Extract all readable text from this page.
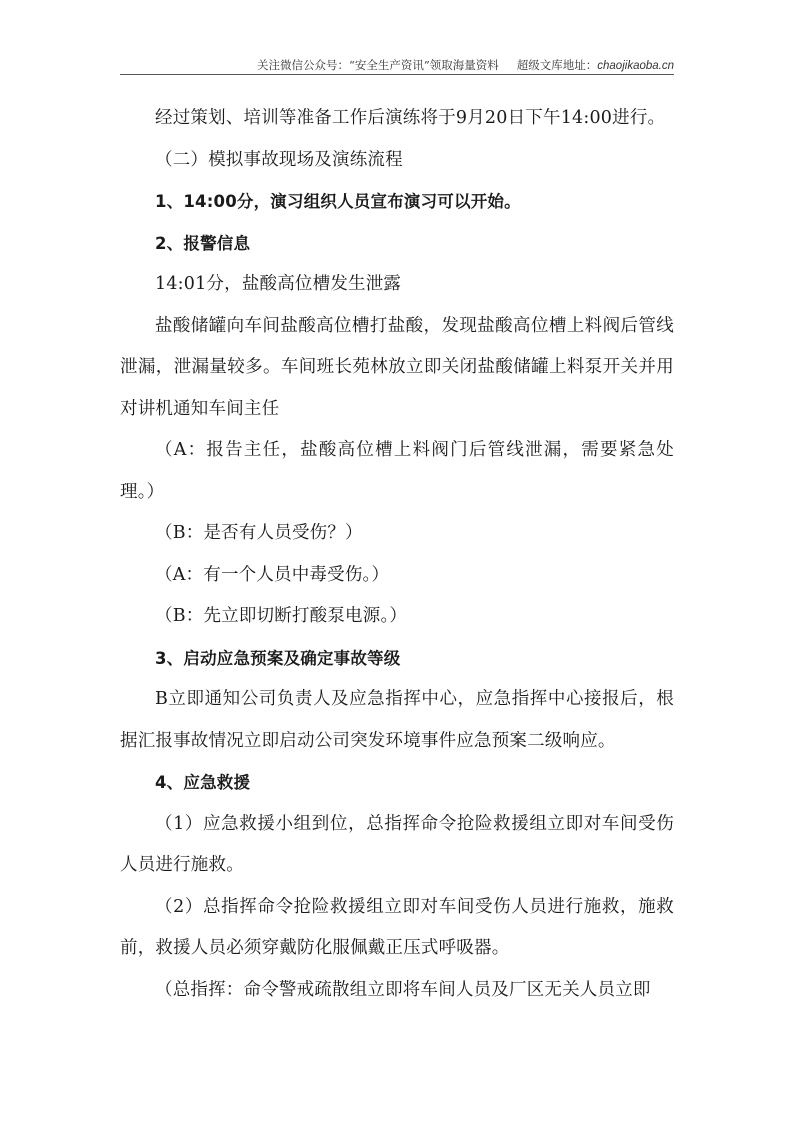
关注微信公众号：“安全生产资讯”领取海量资料 超级文库地址：chaojikaoba.cn

经过策划、培训等准备工作后演练将于9月20日下午14:00进行。

（二）模拟事故现场及演练流程

1、14:00分，演习组织人员宣布演习可以开始。

2、报警信息

14:01分，盐酸高位槽发生泄露

盐酸储罐向车间盐酸高位槽打盐酸，发现盐酸高位槽上料阀后管线泄漏，泄漏量较多。车间班长苑林放立即关闭盐酸储罐上料泵开关并用对讲机通知车间主任

（A：报告主任，盐酸高位槽上料阀门后管线泄漏，需要紧急处理。）

（B：是否有人员受伤？）

（A：有一个人员中毒受伤。）

（B：先立即切断打酸泵电源。）

3、启动应急预案及确定事故等级

B立即通知公司负责人及应急指挥中心，应急指挥中心接报后，根据汇报事故情况立即启动公司突发环境事件应急预案二级响应。

4、应急救援

（1）应急救援小组到位，总指挥命令抢险救援组立即对车间受伤人员进行施救。

（2）总指挥命令抢险救援组立即对车间受伤人员进行施救，施救前，救援人员必须穿戴防化服佩戴正压式呼吸器。

（总指挥：命令警戒疏散组立即将车间人员及厂区无关人员立即
